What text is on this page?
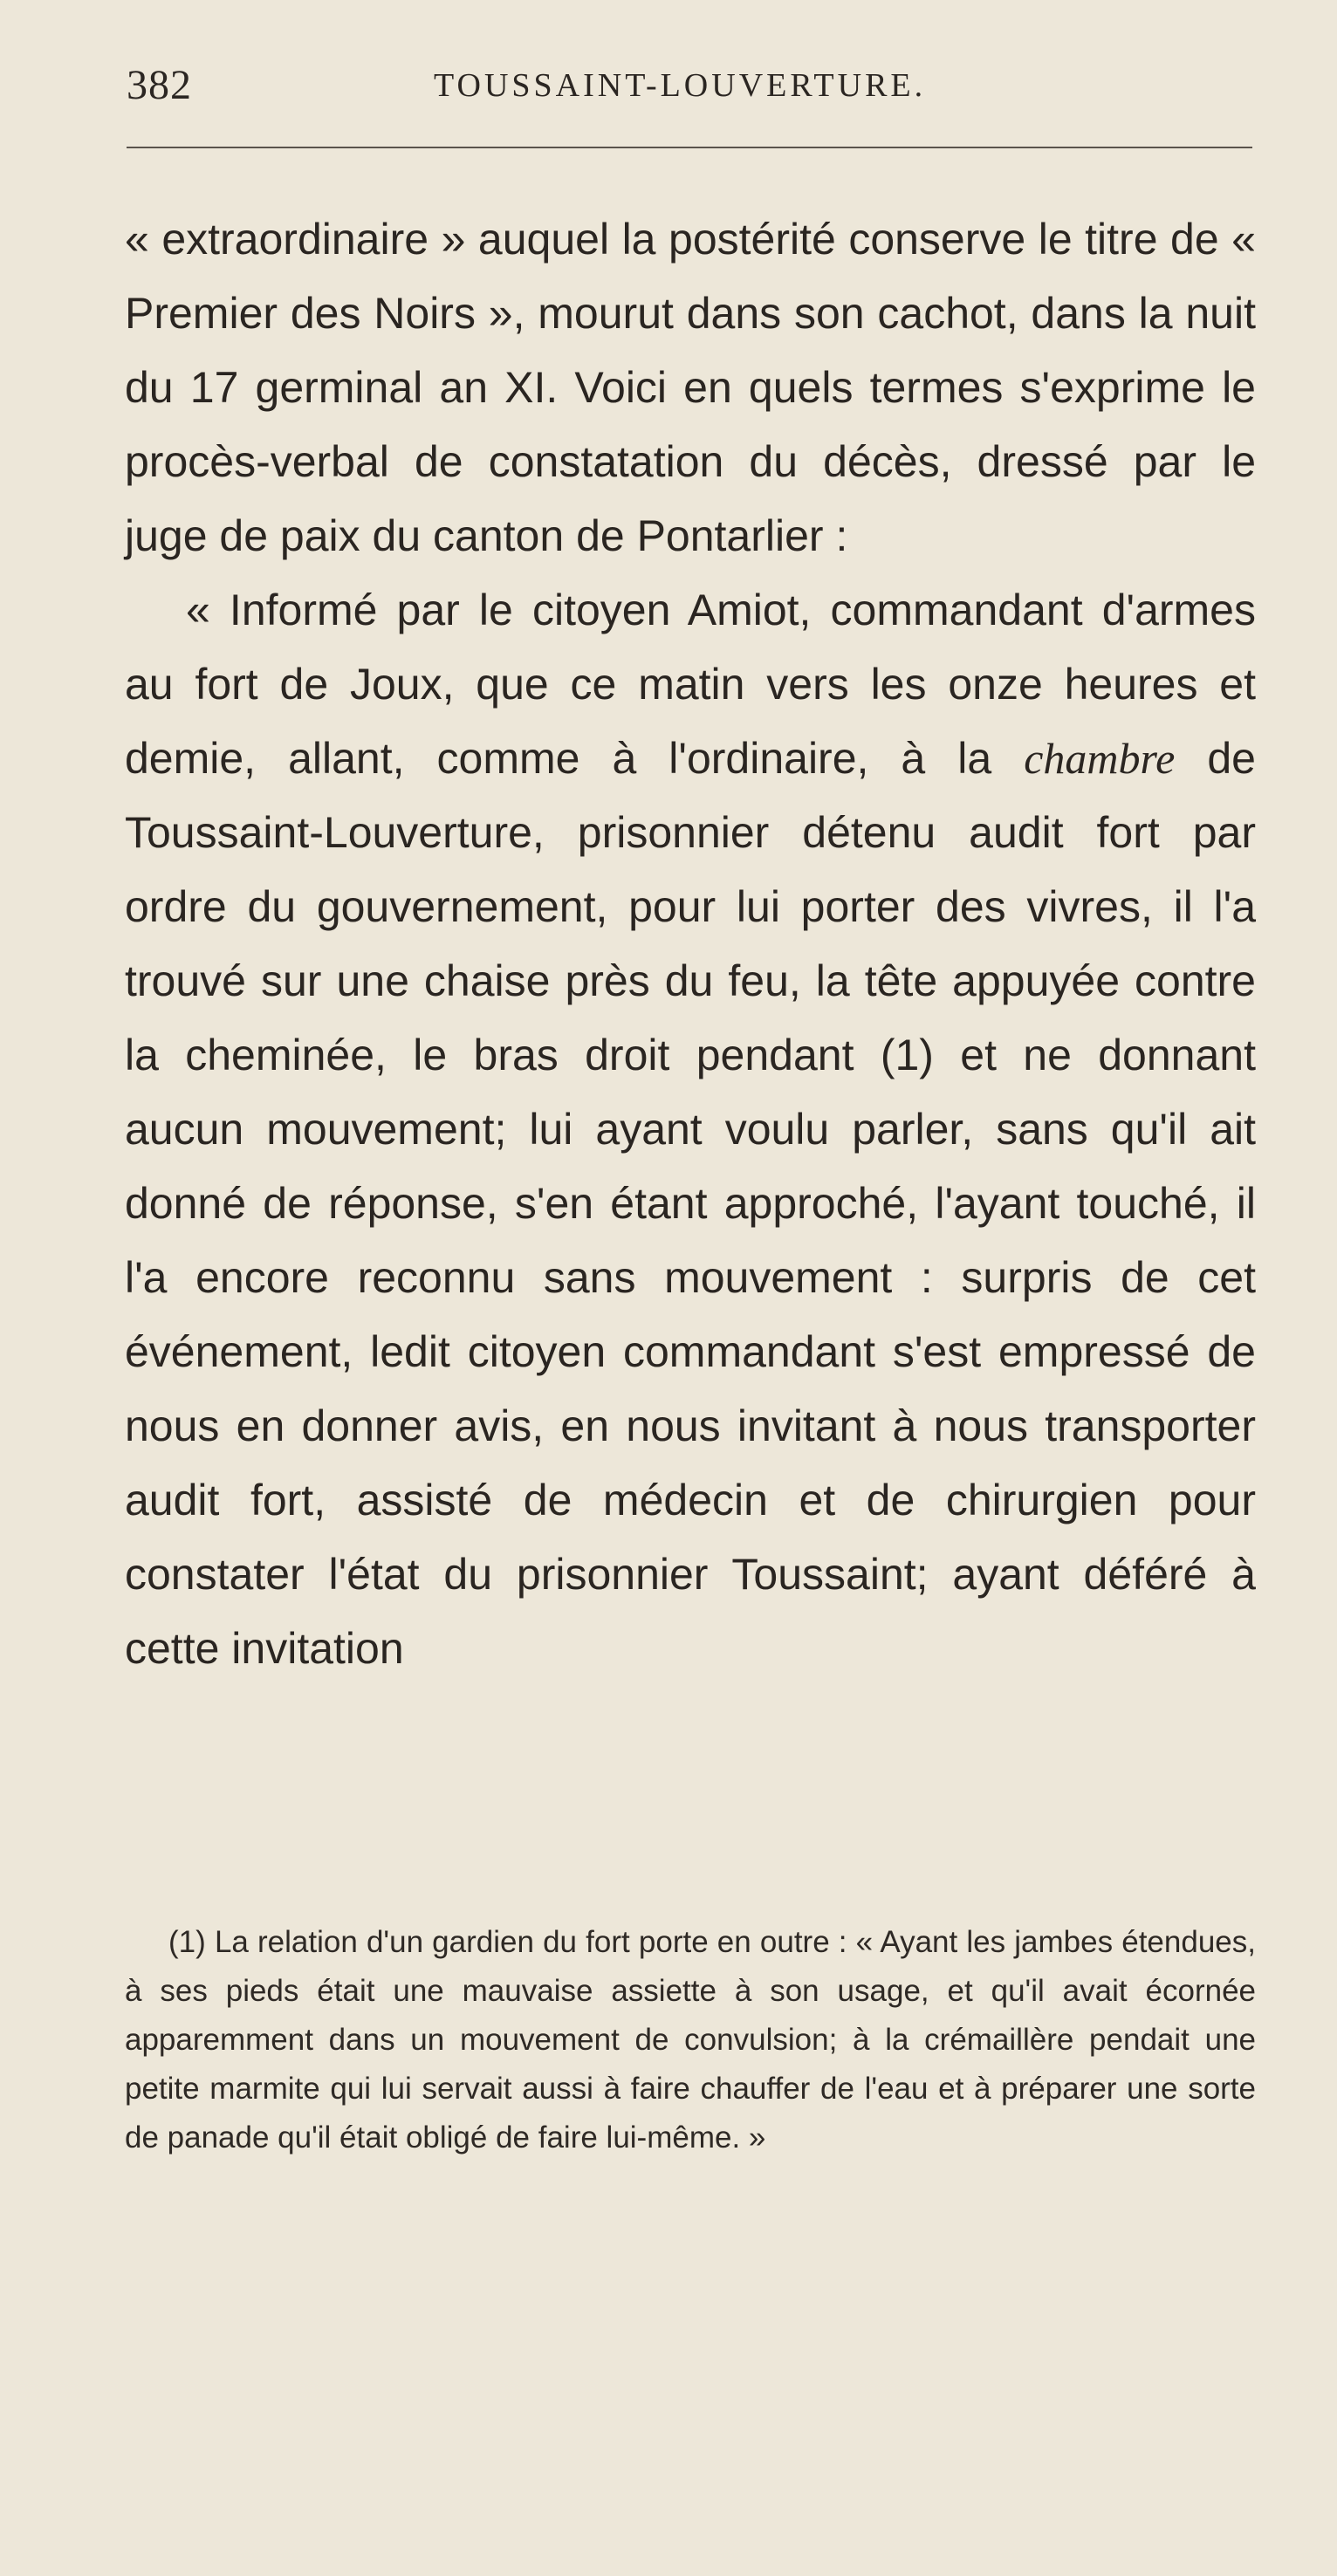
382	TOUSSAINT-LOUVERTURE.

« extraordinaire » auquel la postérité conserve le titre de « Premier des Noirs », mourut dans son cachot, dans la nuit du 17 germinal an XI. Voici en quels termes s'exprime le procès-verbal de constatation du décès, dressé par le juge de paix du canton de Pontarlier :

« Informé par le citoyen Amiot, commandant d'armes au fort de Joux, que ce matin vers les onze heures et demie, allant, comme à l'ordinaire, à la chambre de Toussaint-Louverture, prisonnier détenu audit fort par ordre du gouvernement, pour lui porter des vivres, il l'a trouvé sur une chaise près du feu, la tête appuyée contre la cheminée, le bras droit pendant (1) et ne donnant aucun mouvement; lui ayant voulu parler, sans qu'il ait donné de réponse, s'en étant approché, l'ayant touché, il l'a encore reconnu sans mouvement : surpris de cet événement, ledit citoyen commandant s'est empressé de nous en donner avis, en nous invitant à nous transporter audit fort, assisté de médecin et de chirurgien pour constater l'état du prisonnier Toussaint; ayant déféré à cette invitation

(1) La relation d'un gardien du fort porte en outre : « Ayant les jambes étendues, à ses pieds était une mauvaise assiette à son usage, et qu'il avait écornée apparemment dans un mouvement de convulsion; à la crémaillère pendait une petite marmite qui lui servait aussi à faire chauffer de l'eau et à préparer une sorte de panade qu'il était obligé de faire lui-même. »
